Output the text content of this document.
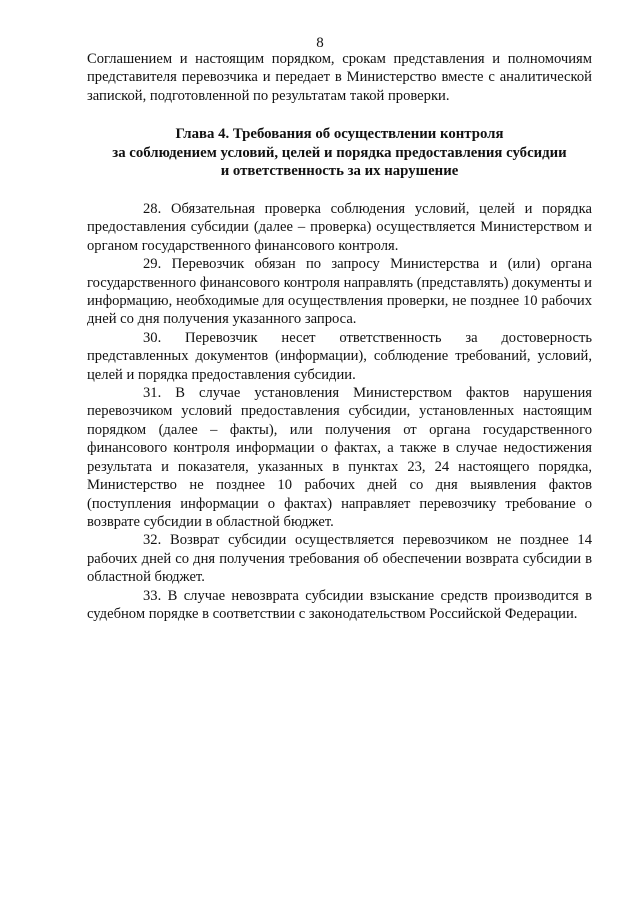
8

Соглашением и настоящим порядком, срокам представления и полномочиям представителя перевозчика и передает в Министерство вместе с аналитической запиской, подготовленной по результатам такой проверки.

Глава 4. Требования об осуществлении контроля
за соблюдением условий, целей и порядка предоставления субсидии
и ответственность за их нарушение

28. Обязательная проверка соблюдения условий, целей и порядка предоставления субсидии (далее – проверка) осуществляется Министерством и органом государственного финансового контроля.

29. Перевозчик обязан по запросу Министерства и (или) органа государственного финансового контроля направлять (представлять) документы и информацию, необходимые для осуществления проверки, не позднее 10 рабочих дней со дня получения указанного запроса.

30. Перевозчик несет ответственность за достоверность представленных документов (информации), соблюдение требований, условий, целей и порядка предоставления субсидии.

31. В случае установления Министерством фактов нарушения перевозчиком условий предоставления субсидии, установленных настоящим порядком (далее – факты), или получения от органа государственного финансового контроля информации о фактах, а также в случае недостижения результата и показателя, указанных в пунктах 23, 24 настоящего порядка, Министерство не позднее 10 рабочих дней со дня выявления фактов (поступления информации о фактах) направляет перевозчику требование о возврате субсидии в областной бюджет.

32. Возврат субсидии осуществляется перевозчиком не позднее 14 рабочих дней со дня получения требования об обеспечении возврата субсидии в областной бюджет.

33. В случае невозврата субсидии взыскание средств производится в судебном порядке в соответствии с законодательством Российской Федерации.
